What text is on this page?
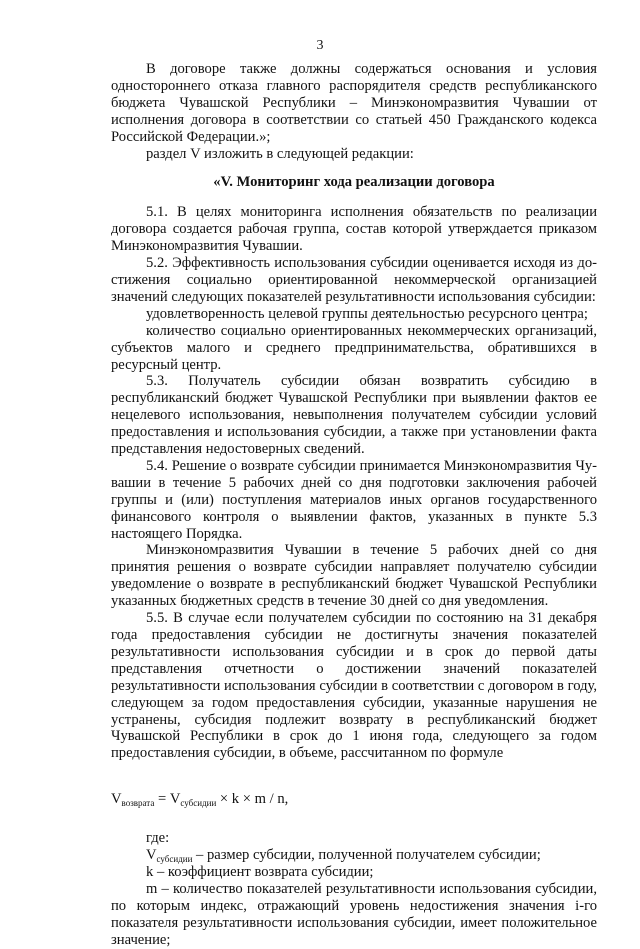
3

В договоре также должны содержаться основания и условия одностороннего отказа главного распорядителя средств республиканского бюджета Чувашской Республики – Минэкономразвития Чувашии от исполнения договора в соответствии со статьей 450 Гражданского кодекса Российской Федерации.»;

раздел V изложить в следующей редакции:

«V. Мониторинг хода реализации договора

5.1. В целях мониторинга исполнения обязательств по реализации договора создается рабочая группа, состав которой утверждается приказом Минэкономразвития Чувашии.

5.2. Эффективность использования субсидии оценивается исходя из достижения социально ориентированной некоммерческой организацией значений следующих показателей результативности использования субсидии:

удовлетворенность целевой группы деятельностью ресурсного центра;

количество социально ориентированных некоммерческих организаций, субъектов малого и среднего предпринимательства, обратившихся в ресурсный центр.

5.3. Получатель субсидии обязан возвратить субсидию в республиканский бюджет Чувашской Республики при выявлении фактов ее нецелевого использования, невыполнения получателем субсидии условий предоставления и использования субсидии, а также при установлении факта представления недостоверных сведений.

5.4. Решение о возврате субсидии принимается Минэкономразвития Чувашии в течение 5 рабочих дней со дня подготовки заключения рабочей группы и (или) поступления материалов иных органов государственного финансового контроля о выявлении фактов, указанных в пункте 5.3 настоящего Порядка.

Минэкономразвития Чувашии в течение 5 рабочих дней со дня принятия решения о возврате субсидии направляет получателю субсидии уведомление о возврате в республиканский бюджет Чувашской Республики указанных бюджетных средств в течение 30 дней со дня уведомления.

5.5. В случае если получателем субсидии по состоянию на 31 декабря года предоставления субсидии не достигнуты значения показателей результативности использования субсидии и в срок до первой даты представления отчетности о достижении значений показателей результативности использования субсидии в соответствии с договором в году, следующем за годом предоставления субсидии, указанные нарушения не устранены, субсидия подлежит возврату в республиканский бюджет Чувашской Республики в срок до 1 июня года, следующего за годом предоставления субсидии, в объеме, рассчитанном по формуле

$V_{возврата} = V_{субсидии} \times k \times m / n$,

где:

$V_{субсидии}$ – размер субсидии, полученной получателем субсидии;

k – коэффициент возврата субсидии;

m – количество показателей результативности использования субсидии, по которым индекс, отражающий уровень недостижения значения i-го показателя результативности использования субсидии, имеет положительное значение;
